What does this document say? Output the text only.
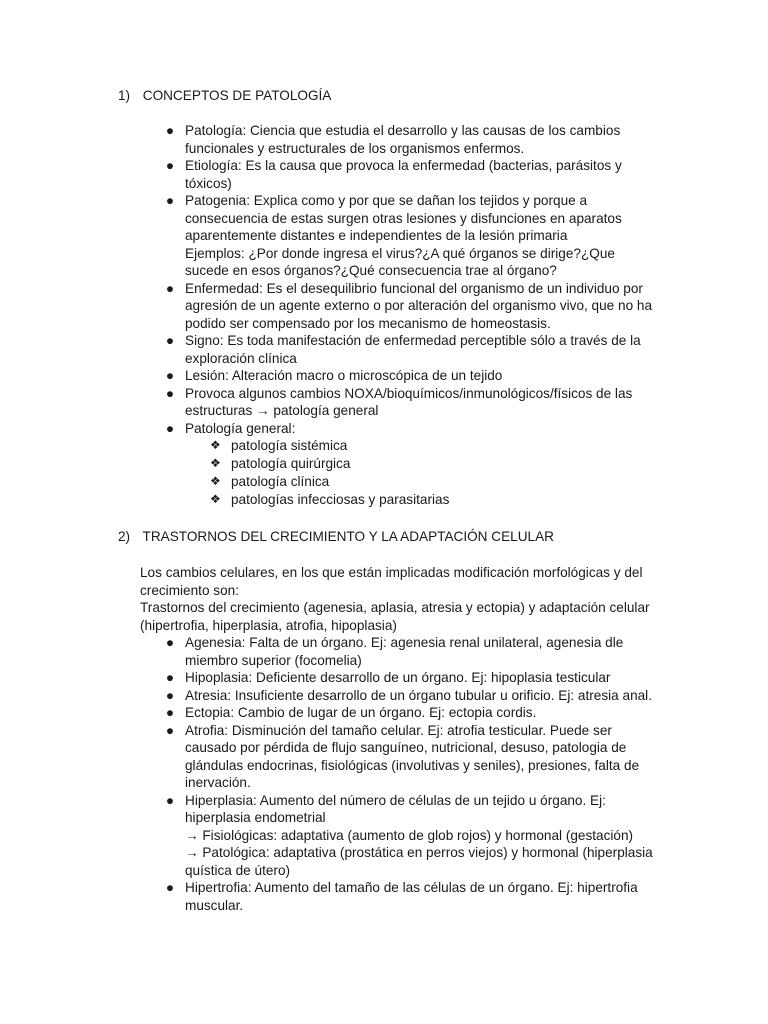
1) CONCEPTOS DE PATOLOGÍA
● Patología: Ciencia que estudia el desarrollo y las causas de los cambios
funcionales y estructurales de los organismos enfermos.
● Etiología: Es la causa que provoca la enfermedad (bacterias, parásitos y
tóxicos)
● Patogenia: Explica como y por que se dañan los tejidos y porque a
consecuencia de estas surgen otras lesiones y disfunciones en aparatos
aparentemente distantes e independientes de la lesión primaria
Ejemplos: ¿Por donde ingresa el virus?¿A qué órganos se dirige?¿Que
sucede en esos órganos?¿Qué consecuencia trae al órgano?
● Enfermedad: Es el desequilibrio funcional del organismo de un individuo por
agresión de un agente externo o por alteración del organismo vivo, que no ha
podido ser compensado por los mecanismo de homeostasis.
● Signo: Es toda manifestación de enfermedad perceptible sólo a través de la
exploración clínica
● Lesión: Alteración macro o microscópica de un tejido
● Provoca algunos cambios NOXA/bioquímicos/inmunológicos/físicos de las
estructuras → patología general
● Patología general:
❖ patología sistémica
❖ patología quirúrgica
❖ patología clínica
❖ patologías infecciosas y parasitarias
2) TRASTORNOS DEL CRECIMIENTO Y LA ADAPTACIÓN CELULAR
Los cambios celulares, en los que están implicadas modificación morfológicas y del
crecimiento son:
Trastornos del crecimiento (agenesia, aplasia, atresia y ectopia) y adaptación celular
(hipertrofia, hiperplasia, atrofia, hipoplasia)
● Agenesia: Falta de un órgano. Ej: agenesia renal unilateral, agenesia dle
miembro superior (focomelia)
● Hipoplasia: Deficiente desarrollo de un órgano. Ej: hipoplasia testicular
● Atresia: Insuficiente desarrollo de un órgano tubular u orificio. Ej: atresia anal.
● Ectopia: Cambio de lugar de un órgano. Ej: ectopia cordis.
● Atrofia: Disminución del tamaño celular. Ej: atrofia testicular. Puede ser
causado por pérdida de flujo sanguíneo, nutricional, desuso, patologia de
glándulas endocrinas, fisiológicas (involutivas y seniles), presiones, falta de
inervación.
● Hiperplasia: Aumento del número de células de un tejido u órgano. Ej:
hiperplasia endometrial
→ Fisiológicas: adaptativa (aumento de glob rojos) y hormonal (gestación)
→ Patológica: adaptativa (prostática en perros viejos) y hormonal (hiperplasia
quística de útero)
● Hipertrofia: Aumento del tamaño de las células de un órgano. Ej: hipertrofia
muscular.
